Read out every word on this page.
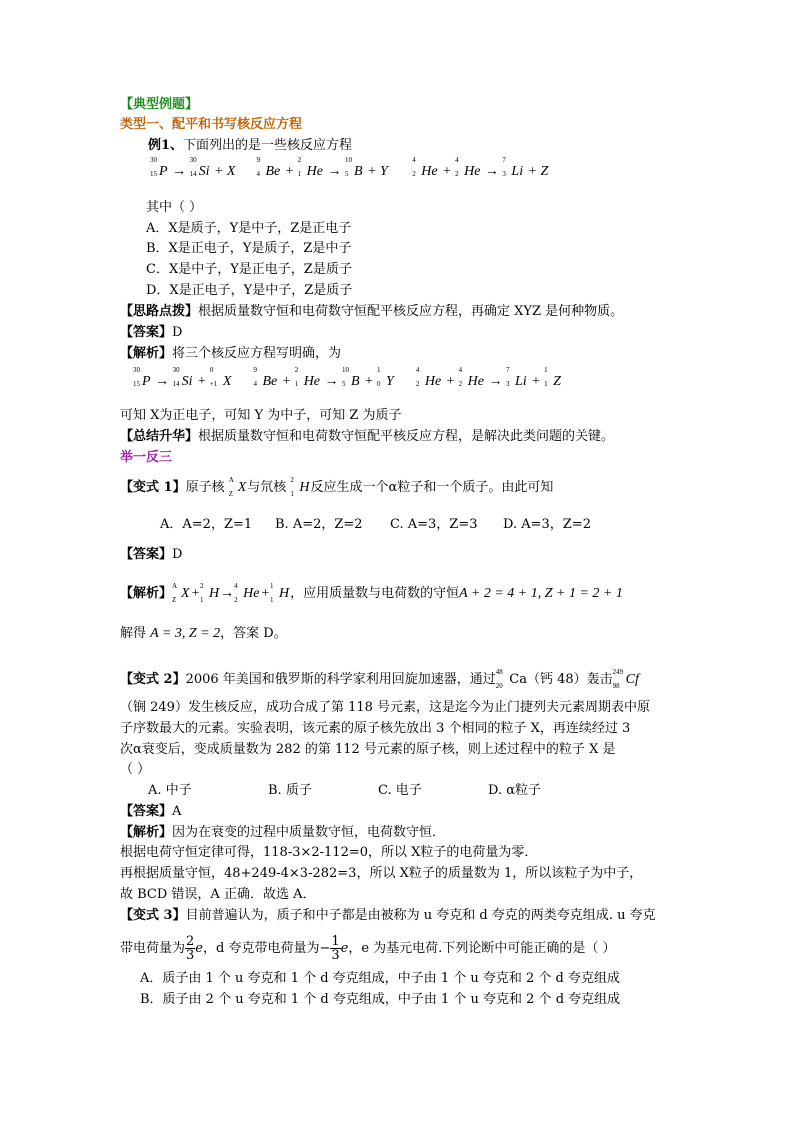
【典型例题】
类型一、配平和书写核反应方程
例1、下面列出的是一些核反应方程
30
15 P →
30
14 Si + X
9
4 Be +
2
1 He →
10
5 B + Y
4
2 He +
4
2 He →
7
3 Li + Z
其中（ ）
A．X是质子，Y是中子，Z是正电子
B．X是正电子，Y是质子，Z是中子
C．X是中子，Y是正电子，Z是质子
D．X是正电子，Y是中子，Z是质子
【思路点拨】根据质量数守恒和电荷数守恒配平核反应方程，再确定 XYZ 是何种物质。
【答案】D
【解析】将三个核反应方程写明确，为
30
15 P →
30
14 Si +
0
+1 X
9
4 Be +
2
1 He →
10
5 B +
1
0 Y
4
2 He +
4
2 He →
7
3 Li +
1
1 Z
可知 X为正电子，可知 Y 为中子，可知 Z 为质子
【总结升华】根据质量数守恒和电荷数守恒配平核反应方程，是解决此类问题的关键。
举一反三
【变式 1】原子核
A
Z X与氘核
2
1 H反应生成一个α粒子和一个质子。由此可知
A．A=2，Z=1 B. A=2，Z=2 C. A=3，Z=3 D. A=3，Z=2
【答案】D
【解析】
A
Z X+
2
1 H→
4
2 He+
1
1 H，应用质量数与电荷数的守恒A + 2 = 4 + 1, Z + 1 = 2 + 1
解得 A = 3, Z = 2，答案 D。
【变式 2】2006 年美国和俄罗斯的科学家利用回旋加速器，通过
48
20 Ca（钙 48）轰击
249
98 Cf
（锎 249）发生核反应，成功合成了第 118 号元素，这是迄今为止门捷列夫元素周期表中原
子序数最大的元素。实验表明，该元素的原子核先放出 3 个相同的粒子 X，再连续经过 3
次α衰变后，变成质量数为 282 的第 112 号元素的原子核，则上述过程中的粒子 X 是
（ ）
A. 中子	B. 质子	C. 电子	D. α粒子
【答案】A
【解析】因为在衰变的过程中质量数守恒，电荷数守恒．
根据电荷守恒定律可得，118-3×2-112=0，所以 X粒子的电荷量为零．
再根据质量守恒，48+249-4×3-282=3，所以 X粒子的质量数为 1，所以该粒子为中子，
故 BCD 错误，A 正确．故选 A．
【变式 3】目前普遍认为，质子和中子都是由被称为 u 夸克和 d 夸克的两类夸克组成. u 夸克
带电荷量为 $\frac{2}{3}$ e，d 夸克带电荷量为− $\frac{1}{3}$ e，e 为基元电荷.下列论断中可能正确的是（ ）
A．质子由 1 个 u 夸克和 1 个 d 夸克组成，中子由 1 个 u 夸克和 2 个 d 夸克组成
B．质子由 2 个 u 夸克和 1 个 d 夸克组成，中子由 1 个 u 夸克和 2 个 d 夸克组成
